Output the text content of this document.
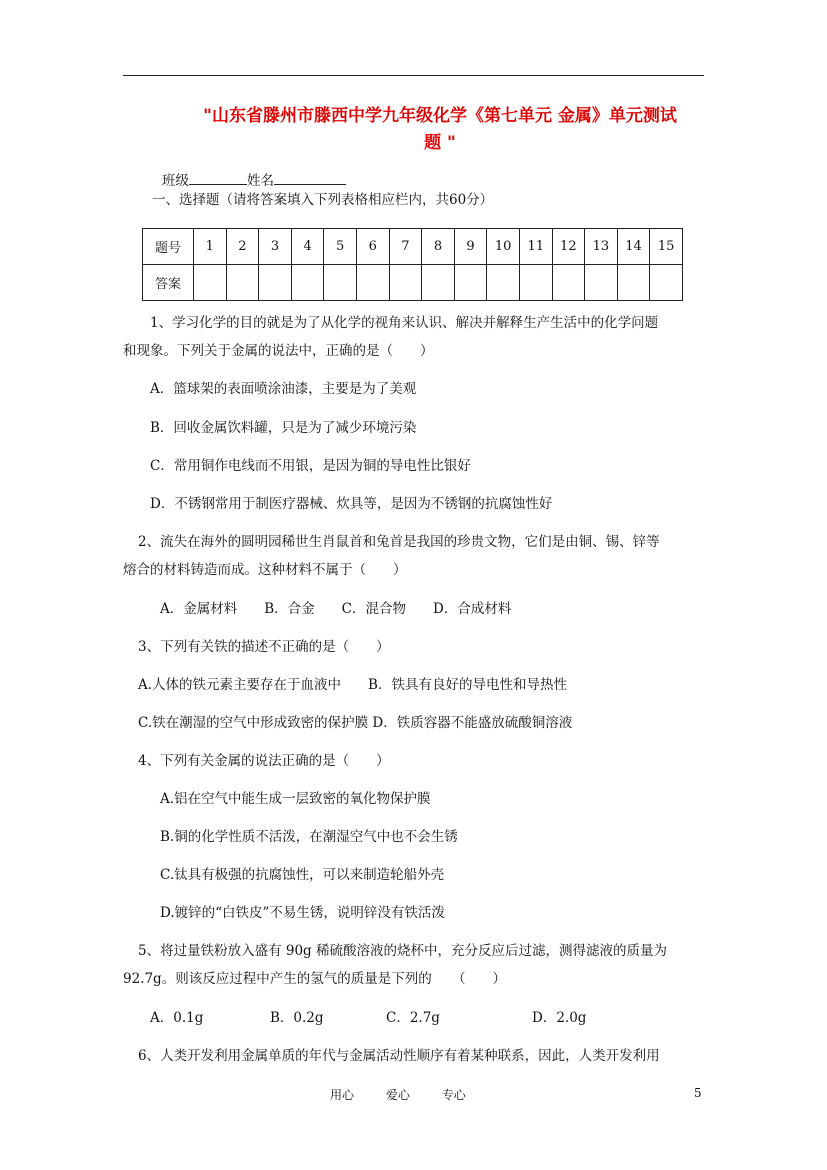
"山东省滕州市滕西中学九年级化学《第七单元 金属》单元测试
题 "
班级	姓名
一、选择题（请将答案填入下列表格相应栏内，共60分）
题号	1	2	3	4	5	6	7	8	9	10	11	12	13	14	15
答案															
1、学习化学的目的就是为了从化学的视角来认识、解决并解释生产生活中的化学问题
和现象。下列关于金属的说法中，正确的是（　　）
A．篮球架的表面喷涂油漆，主要是为了美观
B．回收金属饮料罐，只是为了减少环境污染
C．常用铜作电线而不用银，是因为铜的导电性比银好
D．不锈钢常用于制医疗器械、炊具等，是因为不锈钢的抗腐蚀性好
2、流失在海外的圆明园稀世生肖鼠首和兔首是我国的珍贵文物，它们是由铜、锡、锌等
熔合的材料铸造而成。这种材料不属于（　　）
A．金属材料　　B．合金　　C．混合物　　D．合成材料
3、下列有关铁的描述不正确的是（　　）
A.人体的铁元素主要存在于血液中　　B．铁具有良好的导电性和导热性
C.铁在潮湿的空气中形成致密的保护膜 D．铁质容器不能盛放硫酸铜溶液
4、下列有关金属的说法正确的是（　　）
A.铝在空气中能生成一层致密的氧化物保护膜
B.铜的化学性质不活泼，在潮湿空气中也不会生锈
C.钛具有极强的抗腐蚀性，可以来制造轮船外壳
D.镀锌的“白铁皮”不易生锈，说明锌没有铁活泼
5、将过量铁粉放入盛有 90g 稀硫酸溶液的烧杯中，充分反应后过滤，测得滤液的质量为
92.7g。则该反应过程中产生的氢气的质量是下列的　　（　　）
A．0.1g	B．0.2g	C．2.7g	D．2.0g
6、人类开发利用金属单质的年代与金属活动性顺序有着某种联系，因此，人类开发利用
用心	爱心	专心	5
